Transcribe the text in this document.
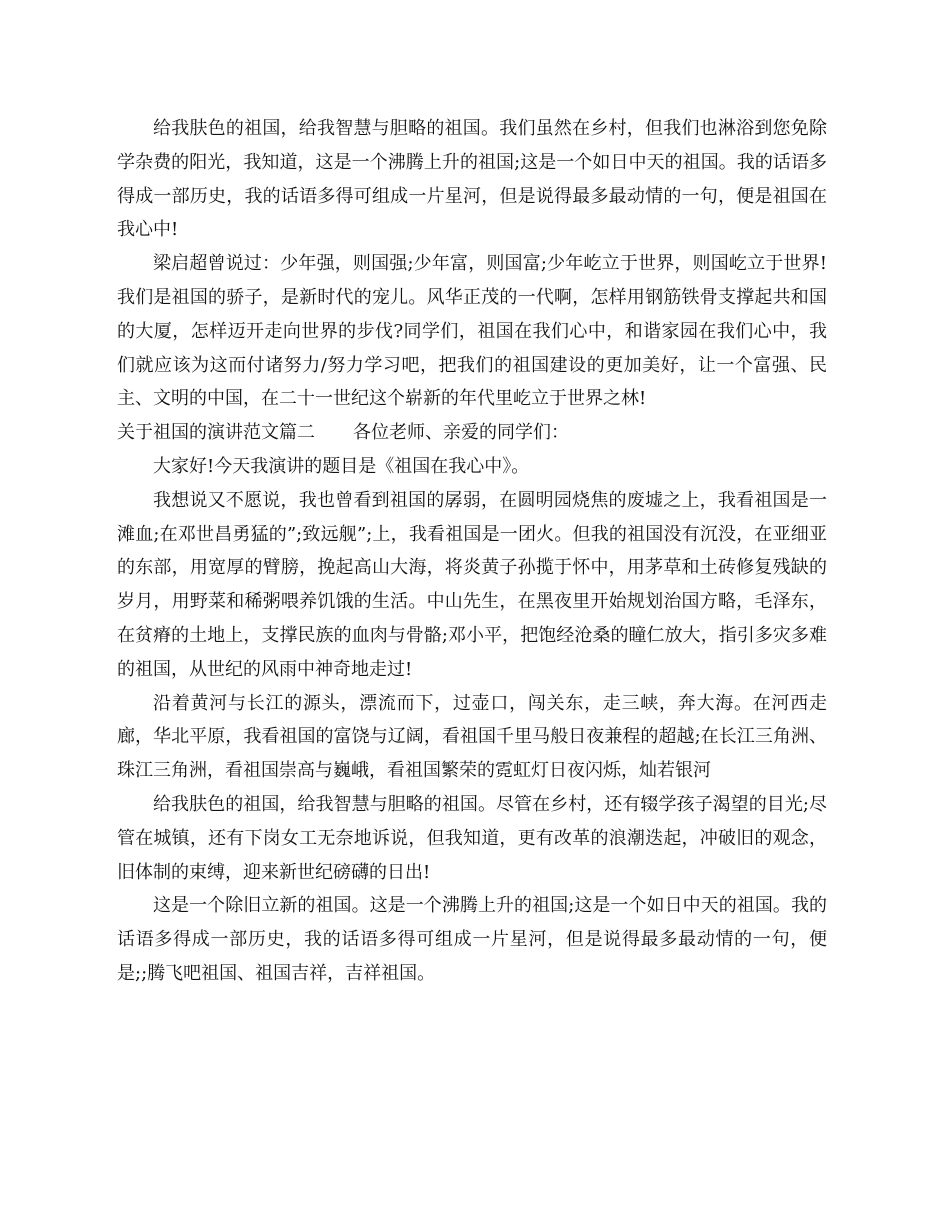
给我肤色的祖国，给我智慧与胆略的祖国。我们虽然在乡村，但我们也淋浴到您免除学杂费的阳光，我知道，这是一个沸腾上升的祖国;这是一个如日中天的祖国。我的话语多得成一部历史，我的话语多得可组成一片星河，但是说得最多最动情的一句，便是祖国在我心中!

梁启超曾说过：少年强，则国强;少年富，则国富;少年屹立于世界，则国屹立于世界!我们是祖国的骄子，是新时代的宠儿。风华正茂的一代啊，怎样用钢筋铁骨支撑起共和国的大厦，怎样迈开走向世界的步伐?同学们，祖国在我们心中，和谐家园在我们心中，我们就应该为这而付诸努力/努力学习吧，把我们的祖国建设的更加美好，让一个富强、民主、文明的中国，在二十一世纪这个崭新的年代里屹立于世界之林!

关于祖国的演讲范文篇二 各位老师、亲爱的同学们：

大家好!今天我演讲的题目是《祖国在我心中》。

我想说又不愿说，我也曾看到祖国的孱弱，在圆明园烧焦的废墟之上，我看祖国是一滩血;在邓世昌勇猛的”;致远舰”;上，我看祖国是一团火。但我的祖国没有沉没，在亚细亚的东部，用宽厚的臂膀，挽起高山大海，将炎黄子孙揽于怀中，用茅草和土砖修复残缺的岁月，用野菜和稀粥喂养饥饿的生活。中山先生，在黑夜里开始规划治国方略，毛泽东，在贫瘠的土地上，支撑民族的血肉与骨骼;邓小平，把饱经沧桑的瞳仁放大，指引多灾多难的祖国，从世纪的风雨中神奇地走过!

沿着黄河与长江的源头，漂流而下，过壶口，闯关东，走三峡，奔大海。在河西走廊，华北平原，我看祖国的富饶与辽阔，看祖国千里马般日夜兼程的超越;在长江三角洲、珠江三角洲，看祖国崇高与巍峨，看祖国繁荣的霓虹灯日夜闪烁，灿若银河

给我肤色的祖国，给我智慧与胆略的祖国。尽管在乡村，还有辍学孩子渴望的目光;尽管在城镇，还有下岗女工无奈地诉说，但我知道，更有改革的浪潮迭起，冲破旧的观念，旧体制的束缚，迎来新世纪磅礴的日出!

这是一个除旧立新的祖国。这是一个沸腾上升的祖国;这是一个如日中天的祖国。我的话语多得成一部历史，我的话语多得可组成一片星河，但是说得最多最动情的一句，便是;;腾飞吧祖国、祖国吉祥，吉祥祖国。
